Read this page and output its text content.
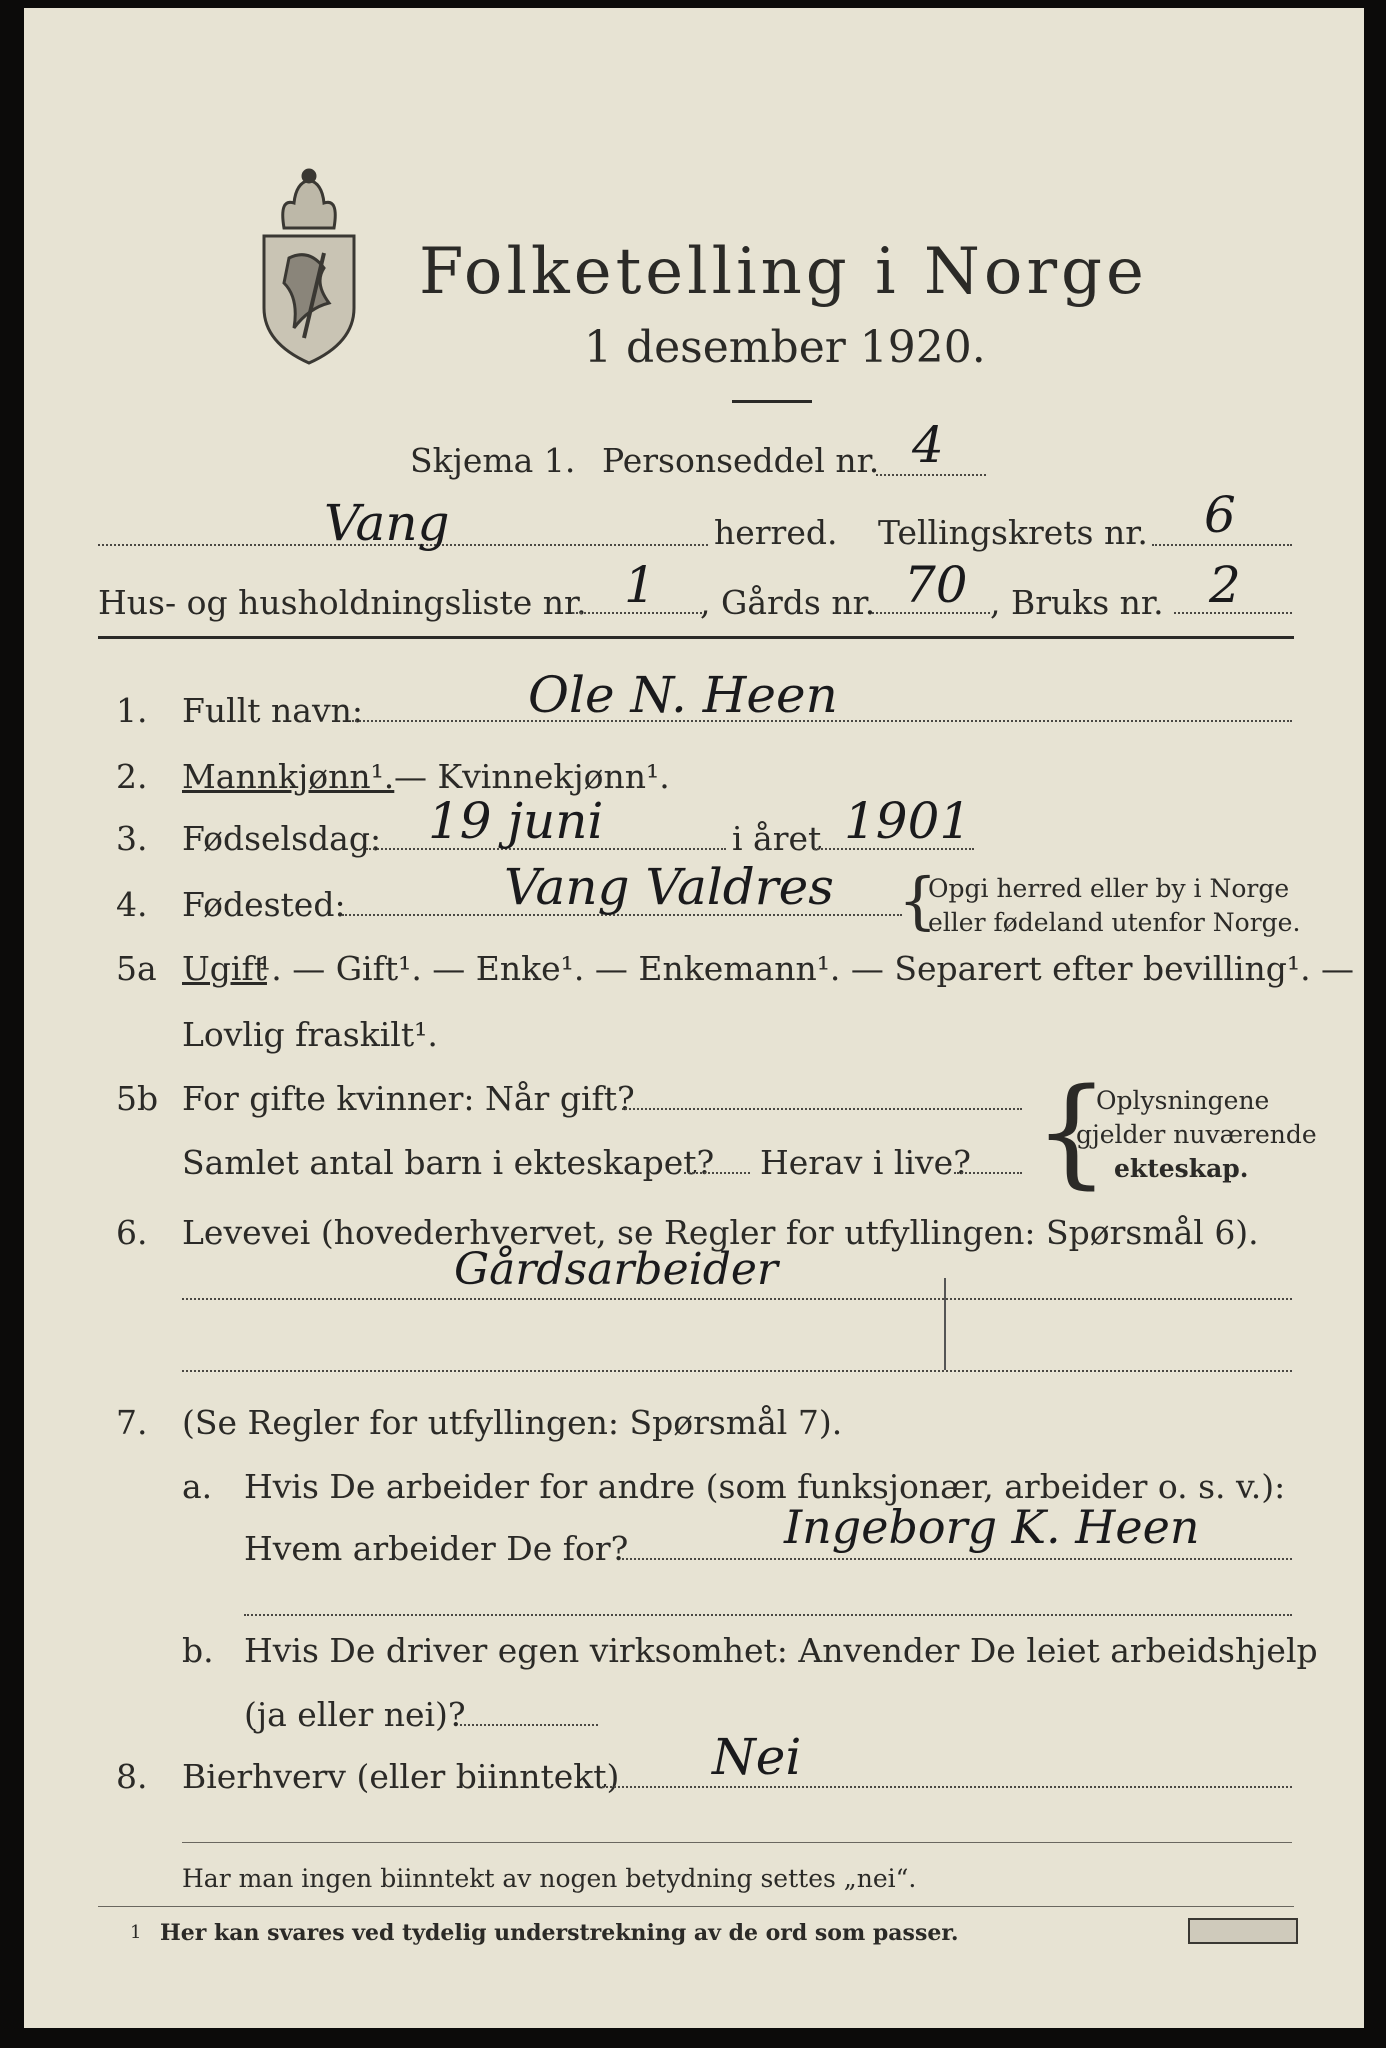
Folketelling i Norge
1 desember 1920.
Skjema 1. Personseddel nr. 4
Vang	herred. Tellingskrets nr. 6
Hus- og husholdningsliste nr. 1 , Gårds nr. 70 , Bruks nr. 2
1. Fullt navn:	Ole N. Heen
2. Mannkjønn¹. — Kvinnekjønn¹.
3. Fødselsdag: 19 juni	i året 1901
4. Fødested:	Vang Valdres {
Opgi herred eller by i Norge
eller fødeland utenfor Norge.
5a Ugift
¹. — Gift¹. — Enke¹. — Enkemann¹. — Separert efter bevilling¹. —
Lovlig fraskilt¹.
5b For gifte kvinner: Når gift?
Samlet antal barn i ekteskapet? Herav i live? {
Oplysningene
gjelder nuværende
ekteskap.
6. Levevei (hovederhvervet, se Regler for utfyllingen: Spørsmål 6).
Gårdsarbeider
7. (Se Regler for utfyllingen: Spørsmål 7).
a. Hvis De arbeider for andre (som funksjonær, arbeider o. s. v.):
Hvem arbeider De for?	Ingeborg K. Heen
b. Hvis De driver egen virksomhet: Anvender De leiet arbeidshjelp
(ja eller nei)?
8. Bierhverv (eller biinntekt) Nei
Har man ingen biinntekt av nogen betydning settes „nei“.
1 Her kan svares ved tydelig understrekning av de ord som passer.
